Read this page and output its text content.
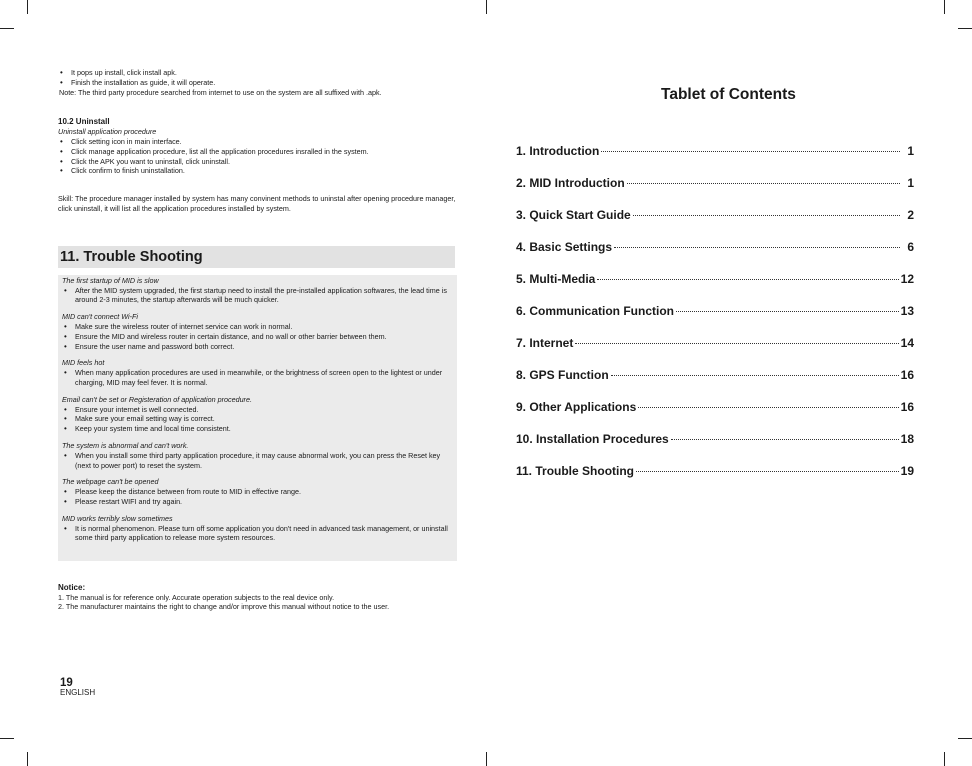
• It pops up install, click install apk.
• Finish the installation as guide, it will operate.
Note: The third party procedure searched from internet to use on the system are all suffixed with .apk.
10.2 Uninstall
Uninstall application procedure
• Click setting icon in main interface.
• Click manage application procedure, list all the application procedures insralled in the system.
• Click the APK you want to uninstall, click uninstall.
• Click confirm to finish uninstallation.
Skill: The procedure manager installed by system has many convinent methods to uninstal after opening procedure manager, click uninstall, it will list all the application procedures installed by system.
11. Trouble Shooting
The first startup of MID is slow
• After the MID system upgraded, the first startup need to install the pre-installed application softwares, the lead time is around 2-3 minutes, the startup afterwards will be much quicker.
MID can't connect Wi-Fi
• Make sure the wireless router of internet service can work in normal.
• Ensure the MID and wireless router in certain distance, and no wall or other barrier between them.
• Ensure the user name and password both correct.
MID feels hot
• When many application procedures are used in meanwhile, or the brightness of screen open to the lightest or under charging, MID may feel fever. It is normal.
Email can't be set or Registeration of application procedure.
• Ensure your internet is well connected.
• Make sure your email setting way is correct.
• Keep your system time and local time consistent.
The system is abnormal and can't work.
• When you install some third party application procedure, it may cause abnormal work, you can press the Reset key (next to power port) to reset the system.
The webpage can't be opened
• Please keep the distance between from route to MID in effective range.
• Please restart WIFI and try again.
MID works terribly slow sometimes
• It is normal phenomenon. Please turn off some application you don't need in advanced task management, or uninstall some third party application to release more system resources.
Notice:
1. The manual is for reference only. Accurate operation subjects to the real device only.
2. The manufacturer maintains the right to change and/or improve this manual without notice to the user.
19
ENGLISH
Tablet of Contents
1. Introduction	1
2. MID Introduction	1
3. Quick Start Guide	2
4. Basic Settings	6
5. Multi-Media	12
6. Communication Function	13
7. Internet	14
8. GPS Function	16
9. Other Applications	16
10. Installation Procedures	18
11. Trouble Shooting	19
